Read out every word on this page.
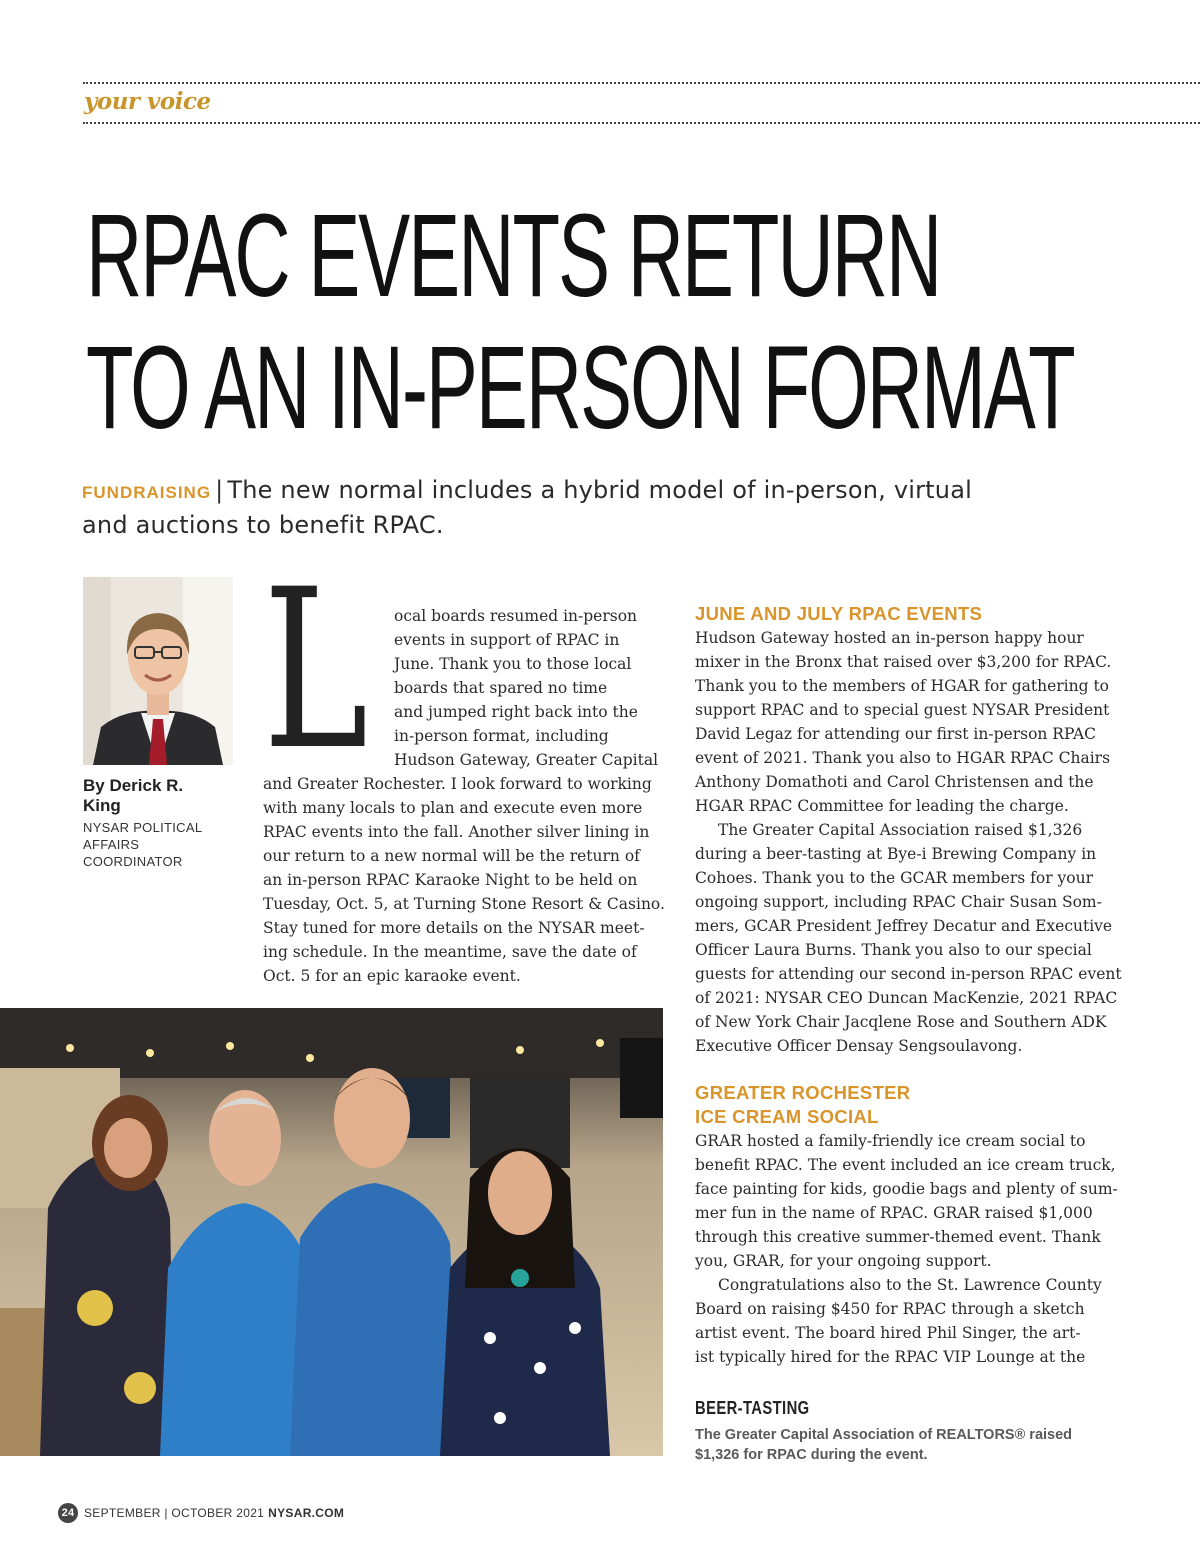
your voice
RPAC EVENTS RETURN
TO AN IN-PERSON FORMAT
FUNDRAISING | The new normal includes a hybrid model of in-person, virtual and auctions to benefit RPAC.
By Derick R. King
NYSAR POLITICAL AFFAIRS COORDINATOR
L	ocal boards resumed in-person
events in support of RPAC in
June. Thank you to those local
boards that spared no time
and jumped right back into the
in-person format, including
Hudson Gateway, Greater Capital
and Greater Rochester. I look forward to working
with many locals to plan and execute even more
RPAC events into the fall. Another silver lining in
our return to a new normal will be the return of
an in-person RPAC Karaoke Night to be held on
Tuesday, Oct. 5, at Turning Stone Resort & Casino.
Stay tuned for more details on the NYSAR meet-
ing schedule. In the meantime, save the date of
Oct. 5 for an epic karaoke event.
JUNE AND JULY RPAC EVENTS
Hudson Gateway hosted an in-person happy hour
mixer in the Bronx that raised over $3,200 for RPAC.
Thank you to the members of HGAR for gathering to
support RPAC and to special guest NYSAR President
David Legaz for attending our first in-person RPAC
event of 2021. Thank you also to HGAR RPAC Chairs
Anthony Domathoti and Carol Christensen and the
HGAR RPAC Committee for leading the charge.
The Greater Capital Association raised $1,326
during a beer-tasting at Bye-i Brewing Company in
Cohoes. Thank you to the GCAR members for your
ongoing support, including RPAC Chair Susan Som-
mers, GCAR President Jeffrey Decatur and Executive
Officer Laura Burns. Thank you also to our special
guests for attending our second in-person RPAC event
of 2021: NYSAR CEO Duncan MacKenzie, 2021 RPAC
of New York Chair Jacqlene Rose and Southern ADK
Executive Officer Densay Sengsoulavong.
GREATER ROCHESTER
ICE CREAM SOCIAL
GRAR hosted a family-friendly ice cream social to
benefit RPAC. The event included an ice cream truck,
face painting for kids, goodie bags and plenty of sum-
mer fun in the name of RPAC. GRAR raised $1,000
through this creative summer-themed event. Thank
you, GRAR, for your ongoing support.
Congratulations also to the St. Lawrence County
Board on raising $450 for RPAC through a sketch
artist event. The board hired Phil Singer, the art-
ist typically hired for the RPAC VIP Lounge at the
BEER-TASTING
The Greater Capital Association of REALTORS® raised $1,326 for RPAC during the event.
24 SEPTEMBER | OCTOBER 2021 NYSAR.COM
